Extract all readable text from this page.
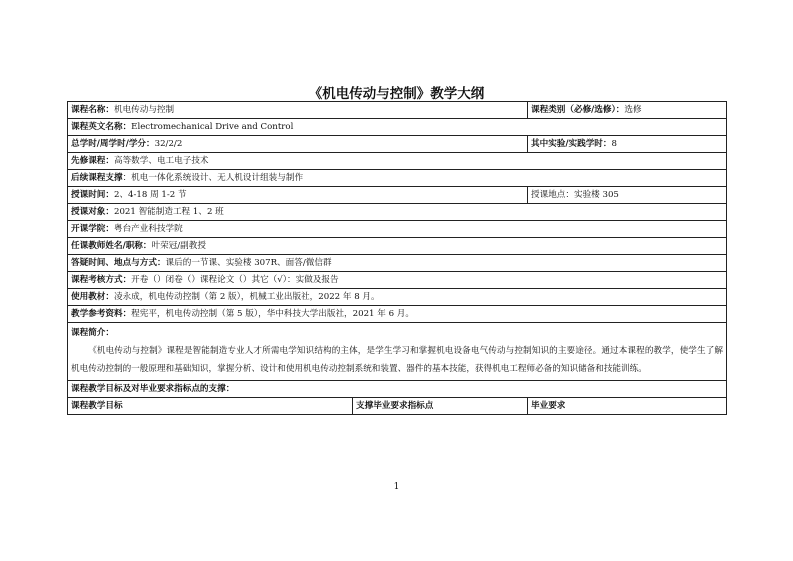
《机电传动与控制》教学大纲
课程名称：机电传动与控制		课程类别（必修/选修）：选修
课程英文名称：Electromechanical Drive and Control		
总学时/周学时/学分：32/2/2		其中实验/实践学时：8
先修课程：高等数学、电工电子技术		
后续课程支撑：机电一体化系统设计、无人机设计组装与制作		
授课时间：2、4-18 周 1-2 节		授课地点：实验楼 305
授课对象：2021 智能制造工程 1、2 班		
开课学院：粤台产业科技学院		
任课教师姓名/职称：叶荣冠/副教授		
答疑时间、地点与方式：课后的一节课、实验楼 307R、面答/微信群		
课程考核方式：开卷（）闭卷（）课程论文（）其它（√）：实做及报告		
使用教材：凌永成，机电传动控制（第 2 版），机械工业出版社，2022 年 8 月。		
教学参考资料：程宪平，机电传动控制（第 5 版），华中科技大学出版社，2021 年 6 月。		
课程简介：

《机电传动与控制》课程是智能制造专业人才所需电学知识结构的主体，是学生学习和掌握机电设备电气传动与控制知识的主要途径。通过本课程的教学，使学生了解机电传动控制的一般原理和基础知识，掌握分析、设计和使用机电传动控制系统和装置、器件的基本技能，获得机电工程师必备的知识储备和技能训练。		

课程教学目标及对毕业要求指标点的支撑：		
课程教学目标	支撑毕业要求指标点	毕业要求
1
